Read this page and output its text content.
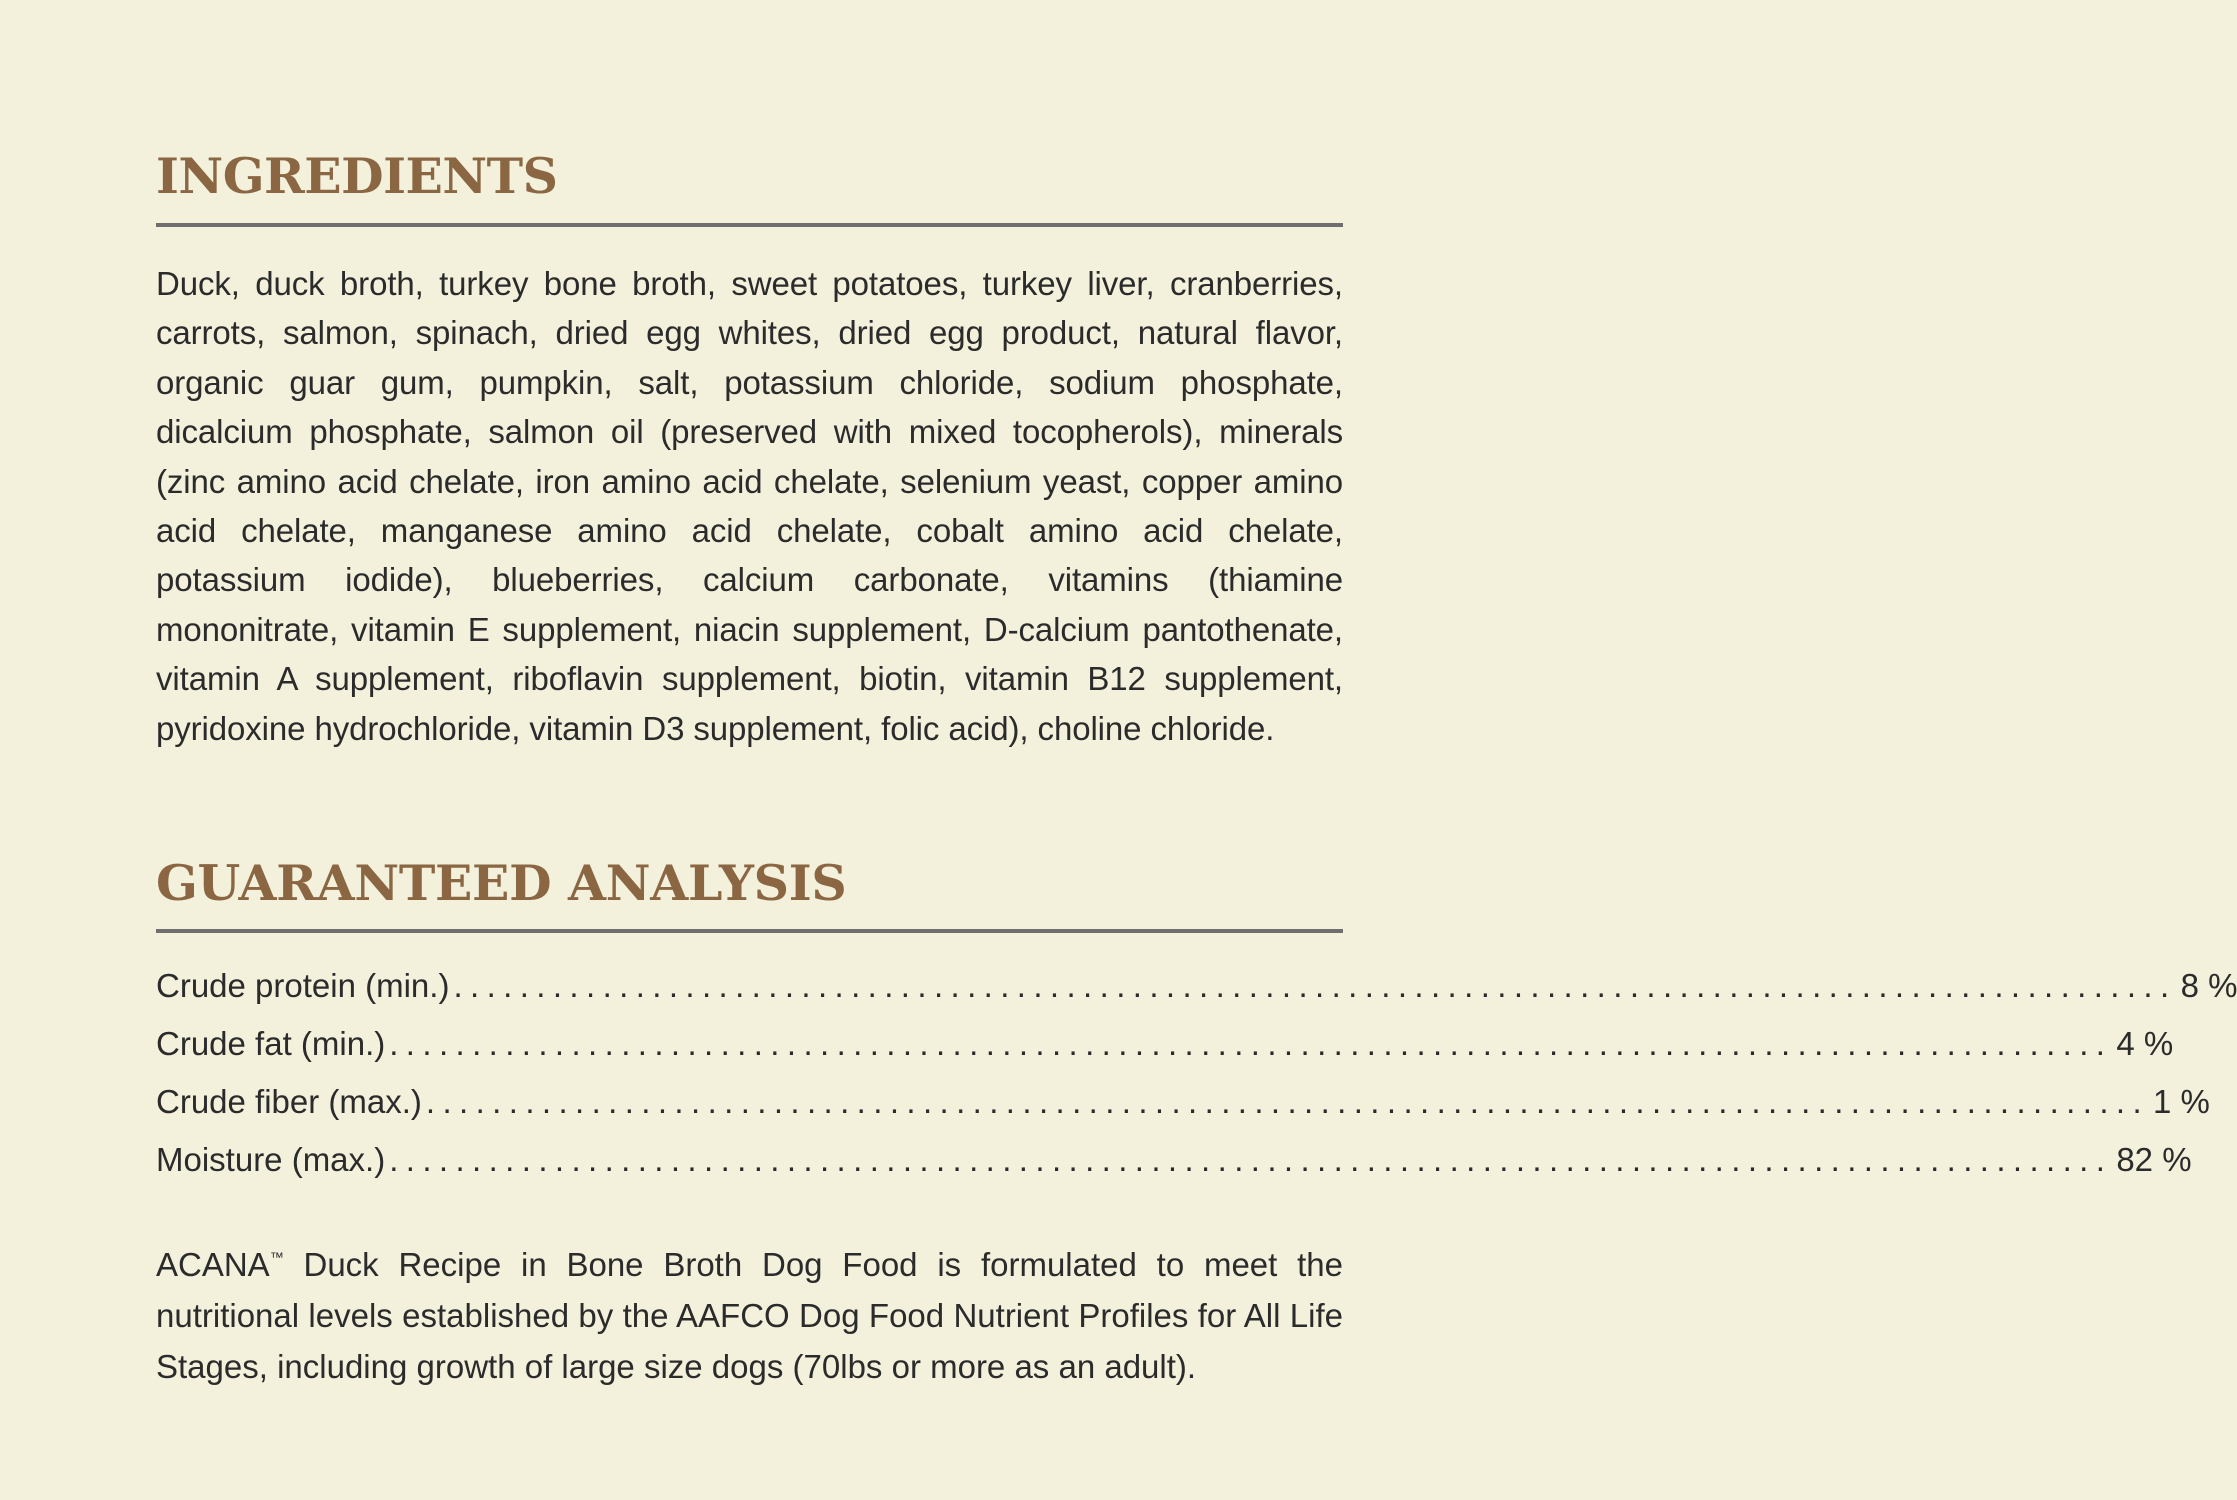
INGREDIENTS

Duck, duck broth, turkey bone broth, sweet potatoes, turkey liver, cranberries, carrots, salmon, spinach, dried egg whites, dried egg product, natural flavor, organic guar gum, pumpkin, salt, potassium chloride, sodium phosphate, dicalcium phosphate, salmon oil (preserved with mixed tocopherols), minerals (zinc amino acid chelate, iron amino acid chelate, selenium yeast, copper amino acid chelate, manganese amino acid chelate, cobalt amino acid chelate, potassium iodide), blueberries, calcium carbonate, vitamins (thiamine mononitrate, vitamin E supplement, niacin supplement, D-calcium pantothenate, vitamin A supplement, riboflavin supplement, biotin, vitamin B12 supplement, pyridoxine hydrochloride, vitamin D3 supplement, folic acid), choline chloride.

GUARANTEED ANALYSIS
Crude protein (min.) ........................................................................................................ 8 %
Crude fat (min.) ........................................................................................................ 4 %
Crude fiber (max.) ........................................................................................................ 1 %
Moisture (max.) ........................................................................................................ 82 %

ACANA™ Duck Recipe in Bone Broth Dog Food is formulated to meet the nutritional levels established by the AAFCO Dog Food Nutrient Profiles for All Life Stages, including growth of large size dogs (70lbs or more as an adult).
